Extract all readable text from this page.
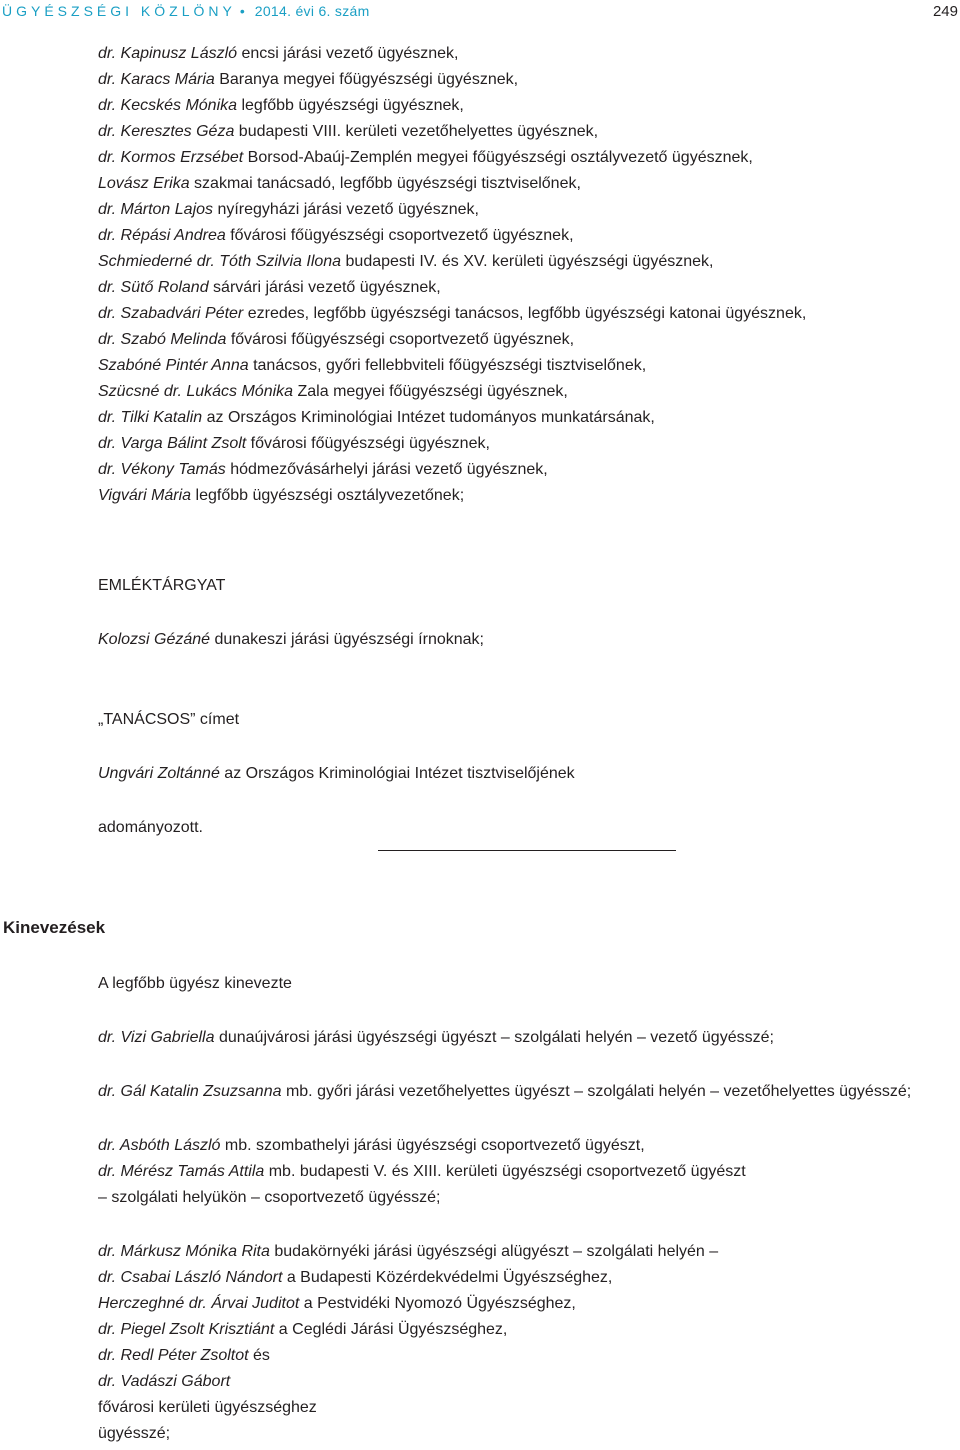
ÜGYÉSZSÉGI KÖZLÖNY • 2014. évi 6. szám	249
dr. Kapinusz László encsi járási vezető ügyésznek,
dr. Karacs Mária Baranya megyei főügyészségi ügyésznek,
dr. Kecskés Mónika legfőbb ügyészségi ügyésznek,
dr. Keresztes Géza budapesti VIII. kerületi vezetőhelyettes ügyésznek,
dr. Kormos Erzsébet Borsod-Abaúj-Zemplén megyei főügyészségi osztályvezető ügyésznek,
Lovász Erika szakmai tanácsadó, legfőbb ügyészségi tisztviselőnek,
dr. Márton Lajos nyíregyházi járási vezető ügyésznek,
dr. Répási Andrea fővárosi főügyészségi csoportvezető ügyésznek,
Schmiederné dr. Tóth Szilvia Ilona budapesti IV. és XV. kerületi ügyészségi ügyésznek,
dr. Sütő Roland sárvári járási vezető ügyésznek,
dr. Szabadvári Péter ezredes, legfőbb ügyészségi tanácsos, legfőbb ügyészségi katonai ügyésznek,
dr. Szabó Melinda fővárosi főügyészségi csoportvezető ügyésznek,
Szabóné Pintér Anna tanácsos, győri fellebbviteli főügyészségi tisztviselőnek,
Szücsné dr. Lukács Mónika Zala megyei főügyészségi ügyésznek,
dr. Tilki Katalin az Országos Kriminológiai Intézet tudományos munkatársának,
dr. Varga Bálint Zsolt fővárosi főügyészségi ügyésznek,
dr. Vékony Tamás hódmezővásárhelyi járási vezető ügyésznek,
Vigvári Mária legfőbb ügyészségi osztályvezetőnek;
EMLÉKTÁRGYAT
Kolozsi Gézáné dunakeszi járási ügyészségi írnoknak;
„TANÁCSOS” címet
Ungvári Zoltánné az Országos Kriminológiai Intézet tisztviselőjének
adományozott.
Kinevezések
A legfőbb ügyész kinevezte
dr. Vizi Gabriella dunaújvárosi járási ügyészségi ügyészt – szolgálati helyén – vezető ügyésszé;
dr. Gál Katalin Zsuzsanna mb. győri járási vezetőhelyettes ügyészt – szolgálati helyén – vezetőhelyettes ügyésszé;
dr. Asbóth László mb. szombathelyi járási ügyészségi csoportvezető ügyészt,
dr. Mérész Tamás Attila mb. budapesti V. és XIII. kerületi ügyészségi csoportvezető ügyészt
– szolgálati helyükön – csoportvezető ügyésszé;
dr. Márkusz Mónika Rita budakörnyéki járási ügyészségi alügyészt – szolgálati helyén –
dr. Csabai László Nándort a Budapesti Közérdekvédelmi Ügyészséghez,
Herczeghné dr. Árvai Juditot a Pestvidéki Nyomozó Ügyészséghez,
dr. Piegel Zsolt Krisztiánt a Ceglédi Járási Ügyészséghez,
dr. Redl Péter Zsoltot és
dr. Vadászi Gábort
fővárosi kerületi ügyészséghez
ügyésszé;
